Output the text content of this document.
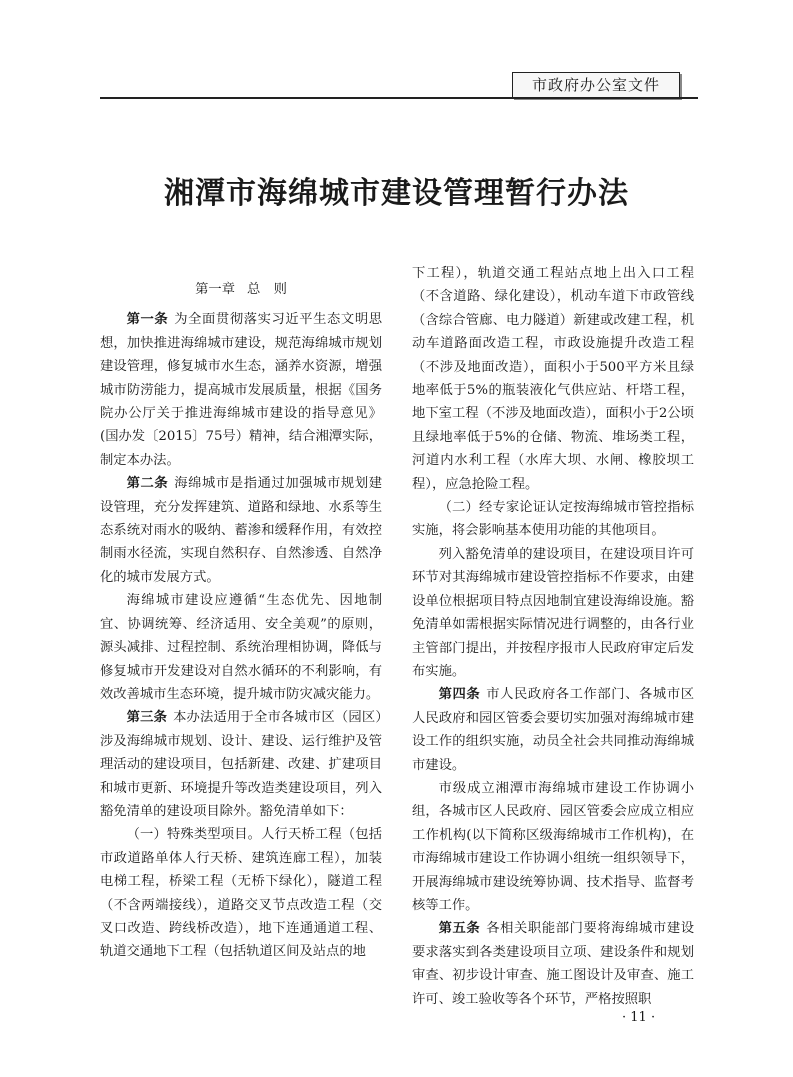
市政府办公室文件
湘潭市海绵城市建设管理暂行办法
第一章 总　则

第一条 为全面贯彻落实习近平生态文明思想，加快推进海绵城市建设，规范海绵城市规划建设管理，修复城市水生态，涵养水资源，增强城市防涝能力，提高城市发展质量，根据《国务院办公厅关于推进海绵城市建设的指导意见》(国办发〔2015〕75号）精神，结合湘潭实际，制定本办法。

第二条 海绵城市是指通过加强城市规划建设管理，充分发挥建筑、道路和绿地、水系等生态系统对雨水的吸纳、蓄渗和缓释作用，有效控制雨水径流，实现自然积存、自然渗透、自然净化的城市发展方式。

海绵城市建设应遵循“生态优先、因地制宜、协调统筹、经济适用、安全美观”的原则，源头减排、过程控制、系统治理相协调，降低与修复城市开发建设对自然水循环的不利影响，有效改善城市生态环境，提升城市防灾减灾能力。

第三条 本办法适用于全市各城市区（园区）涉及海绵城市规划、设计、建设、运行维护及管理活动的建设项目，包括新建、改建、扩建项目和城市更新、环境提升等改造类建设项目，列入豁免清单的建设项目除外。豁免清单如下：

（一）特殊类型项目。人行天桥工程（包括市政道路单体人行天桥、建筑连廊工程），加装电梯工程，桥梁工程（无桥下绿化），隧道工程（不含两端接线），道路交叉节点改造工程（交叉口改造、跨线桥改造），地下连通通道工程、轨道交通地下工程（包括轨道区间及站点的地

下工程），轨道交通工程站点地上出入口工程（不含道路、绿化建设），机动车道下市政管线（含综合管廊、电力隧道）新建或改建工程，机动车道路面改造工程，市政设施提升改造工程（不涉及地面改造），面积小于500平方米且绿地率低于5%的瓶装液化气供应站、杆塔工程，地下室工程（不涉及地面改造），面积小于2公顷且绿地率低于5%的仓储、物流、堆场类工程，河道内水利工程（水库大坝、水闸、橡胶坝工程），应急抢险工程。

（二）经专家论证认定按海绵城市管控指标实施，将会影响基本使用功能的其他项目。

列入豁免清单的建设项目，在建设项目许可环节对其海绵城市建设管控指标不作要求，由建设单位根据项目特点因地制宜建设海绵设施。豁免清单如需根据实际情况进行调整的，由各行业主管部门提出，并按程序报市人民政府审定后发布实施。

第四条 市人民政府各工作部门、各城市区人民政府和园区管委会要切实加强对海绵城市建设工作的组织实施，动员全社会共同推动海绵城市建设。

市级成立湘潭市海绵城市建设工作协调小组，各城市区人民政府、园区管委会应成立相应工作机构(以下简称区级海绵城市工作机构)，在市海绵城市建设工作协调小组统一组织领导下，开展海绵城市建设统筹协调、技术指导、监督考核等工作。

第五条 各相关职能部门要将海绵城市建设要求落实到各类建设项目立项、建设条件和规划审查、初步设计审查、施工图设计及审查、施工许可、竣工验收等各个环节，严格按照职

· 11 ·
